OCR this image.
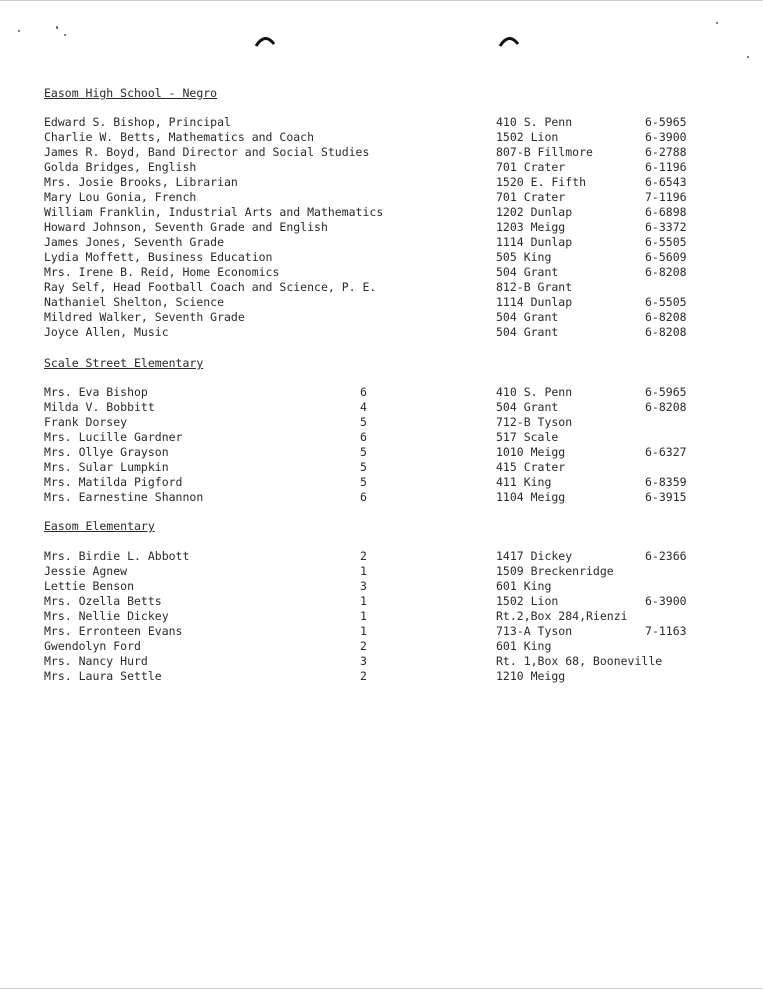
Easom High School - Negro
Edward S. Bishop, Principal	410 S. Penn	6-5965
Charlie W. Betts, Mathematics and Coach	1502 Lion	6-3900
James R. Boyd, Band Director and Social Studies	807-B Fillmore	6-2788
Golda Bridges, English	701 Crater	6-1196
Mrs. Josie Brooks, Librarian	1520 E. Fifth	6-6543
Mary Lou Gonia, French	701 Crater	7-1196
William Franklin, Industrial Arts and Mathematics	1202 Dunlap	6-6898
Howard Johnson, Seventh Grade and English	1203 Meigg	6-3372
James Jones, Seventh Grade	1114 Dunlap	6-5505
Lydia Moffett, Business Education	505 King	6-5609
Mrs. Irene B. Reid, Home Economics	504 Grant	6-8208
Ray Self, Head Football Coach and Science, P. E.	812-B Grant
Nathaniel Shelton, Science	1114 Dunlap	6-5505
Mildred Walker, Seventh Grade	504 Grant	6-8208
Joyce Allen, Music	504 Grant	6-8208
Scale Street Elementary
Mrs. Eva Bishop	6	410 S. Penn	6-5965
Milda V. Bobbitt	4	504 Grant	6-8208
Frank Dorsey	5	712-B Tyson
Mrs. Lucille Gardner	6	517 Scale
Mrs. Ollye Grayson	5	1010 Meigg	6-6327
Mrs. Sular Lumpkin	5	415 Crater
Mrs. Matilda Pigford	5	411 King	6-8359
Mrs. Earnestine Shannon	6	1104 Meigg	6-3915
Easom Elementary
Mrs. Birdie L. Abbott	2	1417 Dickey	6-2366
Jessie Agnew	1	1509 Breckenridge
Lettie Benson	3	601 King
Mrs. Ozella Betts	1	1502 Lion	6-3900
Mrs. Nellie Dickey	1	Rt.2,Box 284,Rienzi
Mrs. Erronteen Evans	1	713-A Tyson	7-1163
Gwendolyn Ford	2	601 King
Mrs. Nancy Hurd	3	Rt. 1,Box 68, Booneville
Mrs. Laura Settle	2	1210 Meigg
